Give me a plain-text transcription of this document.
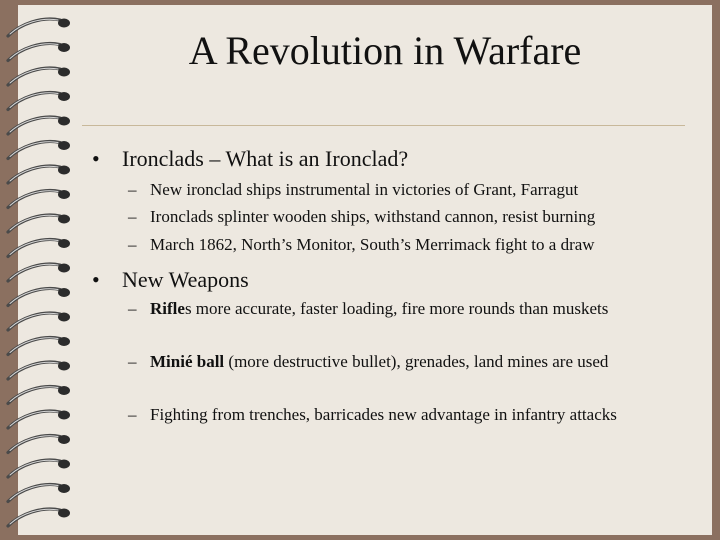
A Revolution in Warfare
• Ironclads – What is an Ironclad?
– New ironclad ships instrumental in victories of Grant, Farragut
– Ironclads splinter wooden ships, withstand cannon, resist burning
– March 1862, North’s Monitor, South’s Merrimack fight to a draw
• New Weapons
– Rifles more accurate, faster loading, fire more rounds than muskets
– Minié ball (more destructive bullet), grenades, land mines are used
– Fighting from trenches, barricades new advantage in infantry attacks
